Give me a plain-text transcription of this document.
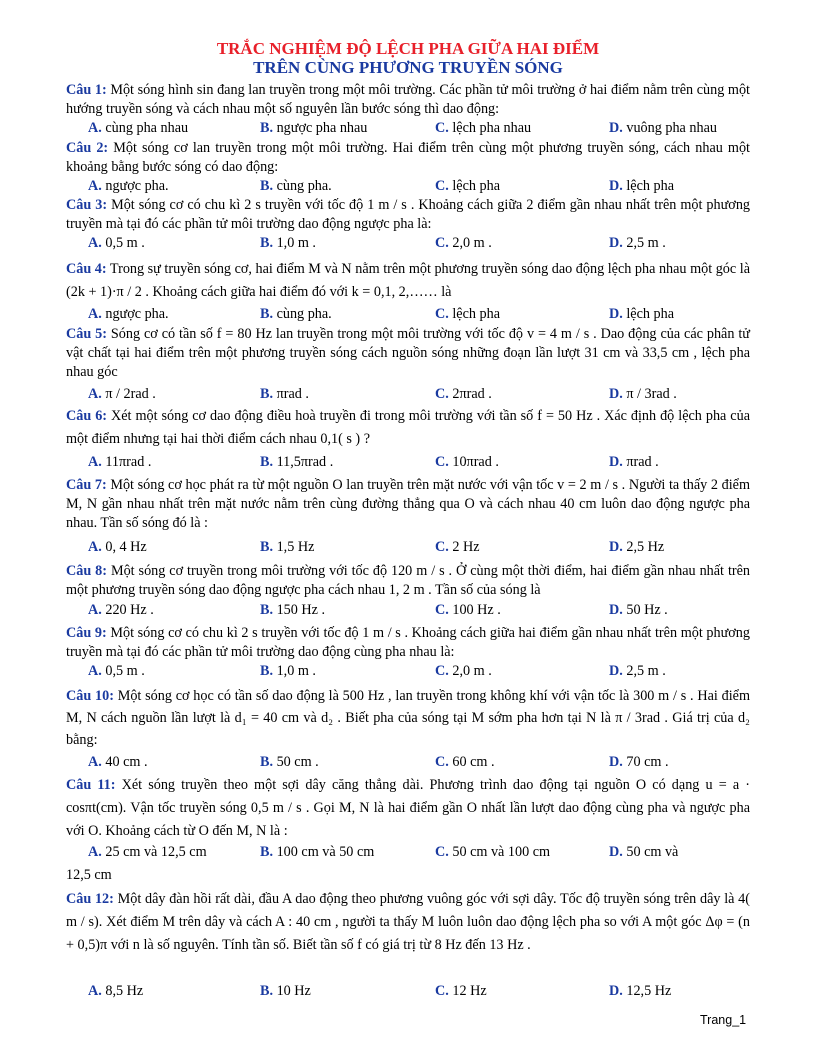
TRẮC NGHIỆM ĐỘ LỆCH PHA GIỮA HAI ĐIỂM
TRÊN CÙNG PHƯƠNG TRUYỀN SÓNG
Câu 1: Một sóng hình sin đang lan truyền trong một môi trường. Các phần tử môi trường ở hai điểm nằm trên cùng một hướng truyền sóng và cách nhau một số nguyên lần bước sóng thì dao động:
A. cùng pha nhau	B. ngược pha nhau	C. lệch pha nhau	D. vuông pha nhau
Câu 2: Một sóng cơ lan truyền trong một môi trường. Hai điểm trên cùng một phương truyền sóng, cách nhau một khoảng bằng bước sóng có dao động:
A. ngược pha.	B. cùng pha.	C. lệch pha	D. lệch pha
Câu 3: Một sóng cơ có chu kì 2 s truyền với tốc độ 1 m / s . Khoảng cách giữa 2 điểm gần nhau nhất trên một phương truyền mà tại đó các phần tử môi trường dao động ngược pha là:
A. 0,5 m .	B. 1,0 m .	C. 2,0 m .	D. 2,5 m .
Câu 4: Trong sự truyền sóng cơ, hai điểm M và N nằm trên một phương truyền sóng dao động lệch pha nhau một góc là (2k + 1)·π / 2 . Khoảng cách giữa hai điểm đó với k = 0,1, 2,…… là
A. ngược pha.	B. cùng pha.	C. lệch pha	D. lệch pha
Câu 5: Sóng cơ có tần số f = 80 Hz lan truyền trong một môi trường với tốc độ v = 4 m / s . Dao động của các phân tử vật chất tại hai điểm trên một phương truyền sóng cách nguồn sóng những đoạn lần lượt 31 cm và 33,5 cm , lệch pha nhau góc
A. π / 2rad .	B. πrad .	C. 2πrad .	D. π / 3rad .
Câu 6: Xét một sóng cơ dao động điều hoà truyền đi trong môi trường với tần số f = 50 Hz . Xác định độ lệch pha của một điểm nhưng tại hai thời điểm cách nhau 0,1( s ) ?
A. 11πrad .	B. 11,5πrad .	C. 10πrad .	D. πrad .
Câu 7: Một sóng cơ học phát ra từ một nguồn O lan truyền trên mặt nước với vận tốc v = 2 m / s . Người ta thấy 2 điểm M, N gần nhau nhất trên mặt nước nằm trên cùng đường thẳng qua O và cách nhau 40 cm luôn dao động ngược pha nhau. Tần số sóng đó là :
A. 0, 4 Hz	B. 1,5 Hz	C. 2 Hz	D. 2,5 Hz
Câu 8: Một sóng cơ truyền trong môi trường với tốc độ 120 m / s . Ở cùng một thời điểm, hai điểm gần nhau nhất trên một phương truyền sóng dao động ngược pha cách nhau 1, 2 m . Tần số của sóng là
A. 220 Hz .	B. 150 Hz .	C. 100 Hz .	D. 50 Hz .
Câu 9: Một sóng cơ có chu kì 2 s truyền với tốc độ 1 m / s . Khoảng cách giữa hai điểm gần nhau nhất trên một phương truyền mà tại đó các phần tử môi trường dao động cùng pha nhau là:
A. 0,5 m .	B. 1,0 m .	C. 2,0 m .	D. 2,5 m .
Câu 10: Một sóng cơ học có tần số dao động là 500 Hz , lan truyền trong không khí với vận tốc là 300 m / s . Hai điểm M, N cách nguồn lần lượt là d₁ = 40 cm và d₂ . Biết pha của sóng tại M sớm pha hơn tại N là π / 3rad . Giá trị của d₂ bằng:
A. 40 cm .	B. 50 cm .	C. 60 cm .	D. 70 cm .
Câu 11: Xét sóng truyền theo một sợi dây căng thẳng dài. Phương trình dao động tại nguồn O có dạng u = a · cosπt(cm). Vận tốc truyền sóng 0,5 m / s . Gọi M, N là hai điểm gần O nhất lần lượt dao động cùng pha và ngược pha với O. Khoảng cách từ O đến M, N là :
A. 25 cm và 12,5 cm	B. 100 cm và 50 cm	C. 50 cm và 100 cm	D. 50 cm và
12,5 cm
Câu 12: Một dây đàn hồi rất dài, đầu A dao động theo phương vuông góc với sợi dây. Tốc độ truyền sóng trên dây là 4( m / s). Xét điểm M trên dây và cách A : 40 cm , người ta thấy M luôn luôn dao động lệch pha so với A một góc Δφ = (n + 0,5)π với n là số nguyên. Tính tần số. Biết tần số f có giá trị từ 8 Hz đến 13 Hz .
A. 8,5 Hz	B. 10 Hz	C. 12 Hz	D. 12,5 Hz
Trang_1
